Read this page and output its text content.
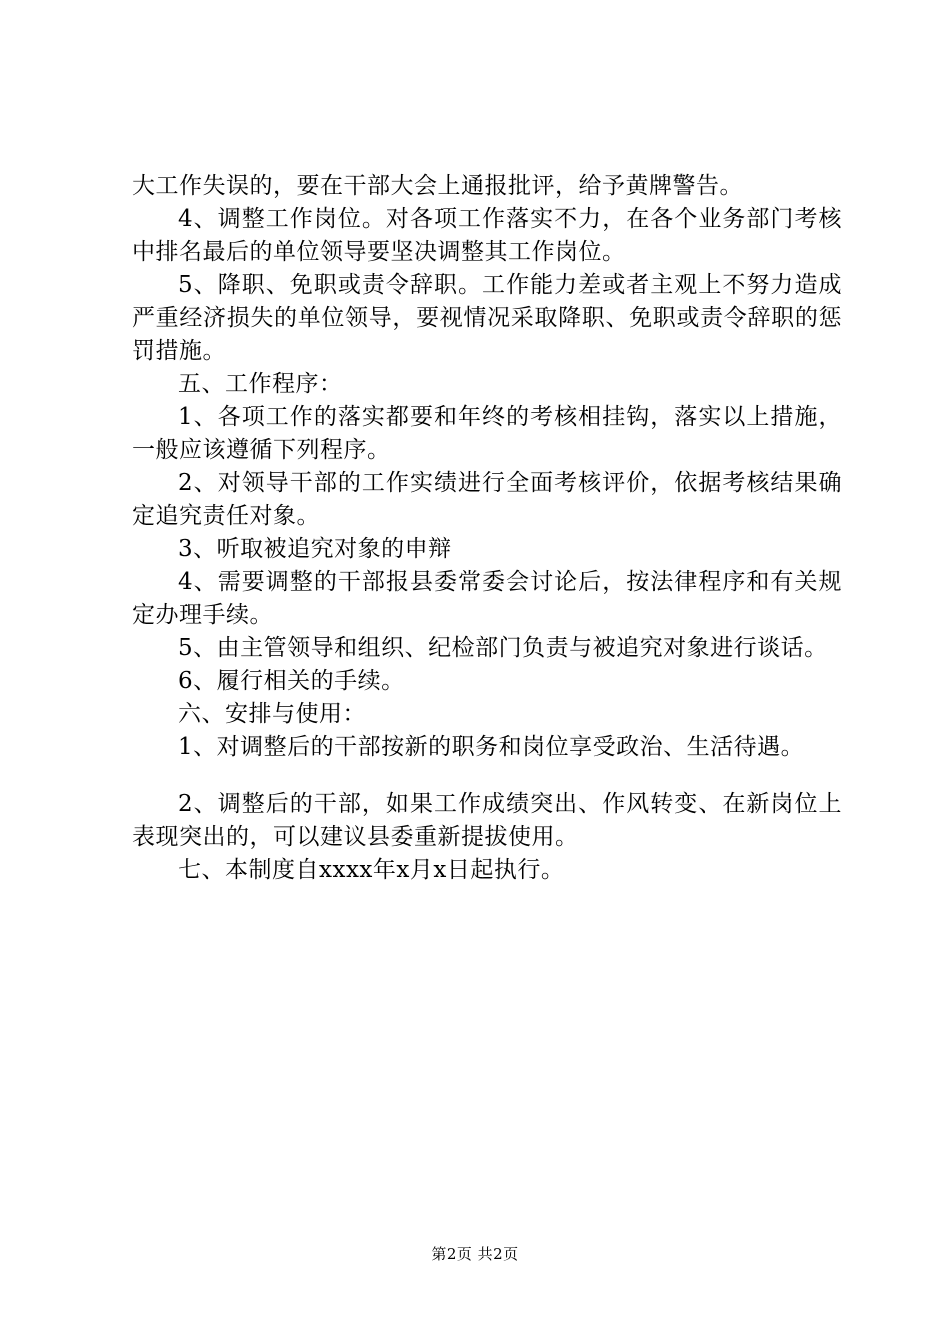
大工作失误的，要在干部大会上通报批评，给予黄牌警告。

4、调整工作岗位。对各项工作落实不力，在各个业务部门考核中排名最后的单位领导要坚决调整其工作岗位。

5、降职、免职或责令辞职。工作能力差或者主观上不努力造成严重经济损失的单位领导，要视情况采取降职、免职或责令辞职的惩罚措施。

五、工作程序：

1、各项工作的落实都要和年终的考核相挂钩，落实以上措施，一般应该遵循下列程序。

2、对领导干部的工作实绩进行全面考核评价，依据考核结果确定追究责任对象。

3、听取被追究对象的申辩

4、需要调整的干部报县委常委会讨论后，按法律程序和有关规定办理手续。

5、由主管领导和组织、纪检部门负责与被追究对象进行谈话。

6、履行相关的手续。

六、安排与使用：

1、对调整后的干部按新的职务和岗位享受政治、生活待遇。

2、调整后的干部，如果工作成绩突出、作风转变、在新岗位上表现突出的，可以建议县委重新提拔使用。

七、本制度自xxxx年x月x日起执行。

第2页 共2页
